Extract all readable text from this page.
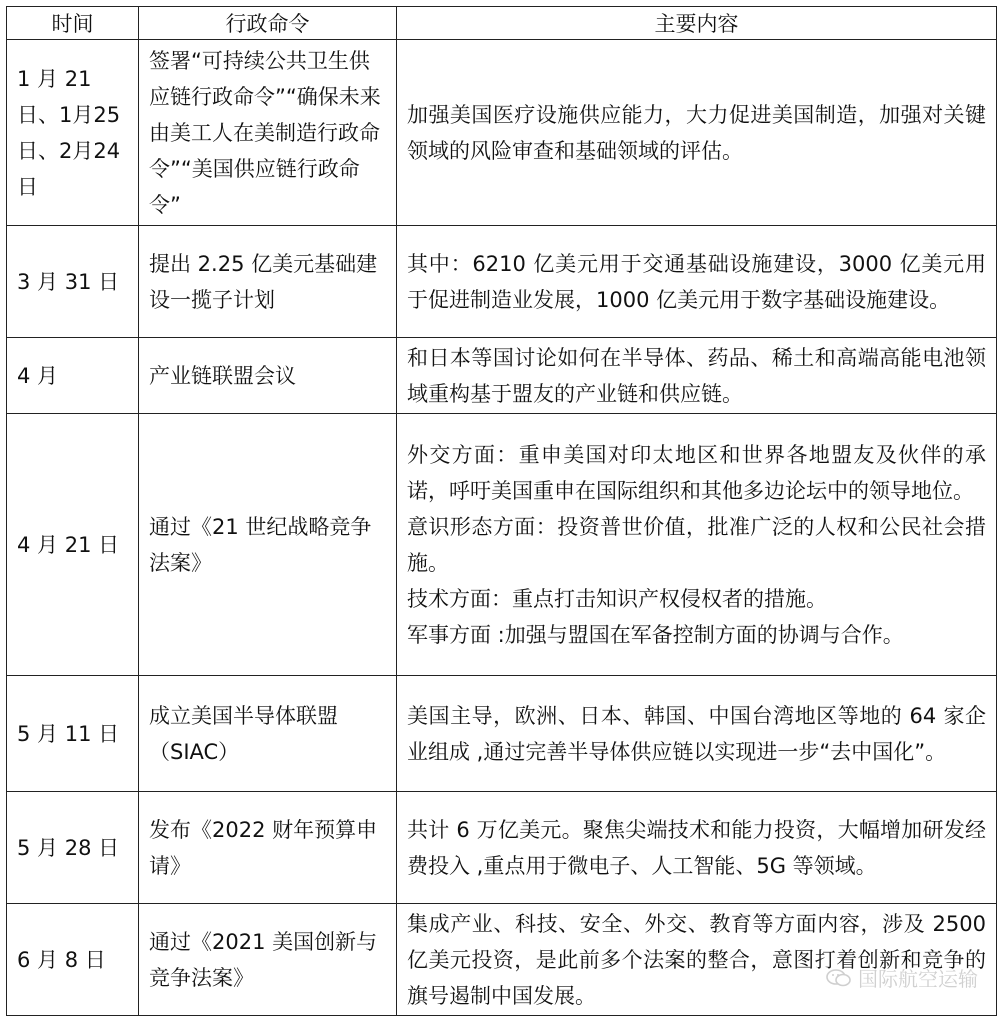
时间	行政命令	主要内容
1 月 21 日、1月25 日、2月24 日	签署“可持续公共卫生供应链行政命令”“确保未来由美工人在美制造行政命令”“美国供应链行政命令”	加强美国医疗设施供应能力，大力促进美国制造，加强对关键领域的风险审查和基础领域的评估。

3 月 31 日	提出 2.25 亿美元基础建设一揽子计划	其中：6210 亿美元用于交通基础设施建设，3000 亿美元用于促进制造业发展，1000 亿美元用于数字基础设施建设。

4 月	产业链联盟会议	和日本等国讨论如何在半导体、药品、稀土和高端高能电池领域重构基于盟友的产业链和供应链。

4 月 21 日	通过《21 世纪战略竞争法案》	外交方面：重申美国对印太地区和世界各地盟友及伙伴的承诺，呼吁美国重申在国际组织和其他多边论坛中的领导地位。
意识形态方面：投资普世价值，批准广泛的人权和公民社会措施。
技术方面：重点打击知识产权侵权者的措施。
军事方面 :加强与盟国在军备控制方面的协调与合作。

5 月 11 日	成立美国半导体联盟（SIAC）	美国主导，欧洲、日本、韩国、中国台湾地区等地的 64 家企业组成 ,通过完善半导体供应链以实现进一步“去中国化”。

5 月 28 日	发布《2022 财年预算申请》	共计 6 万亿美元。聚焦尖端技术和能力投资，大幅增加研发经费投入 ,重点用于微电子、人工智能、5G 等领域。

6 月 8 日	通过《2021 美国创新与竞争法案》	集成产业、科技、安全、外交、教育等方面内容，涉及 2500 亿美元投资，是此前多个法案的整合，意图打着创新和竞争的旗号遏制中国发展。
国际航空运输
